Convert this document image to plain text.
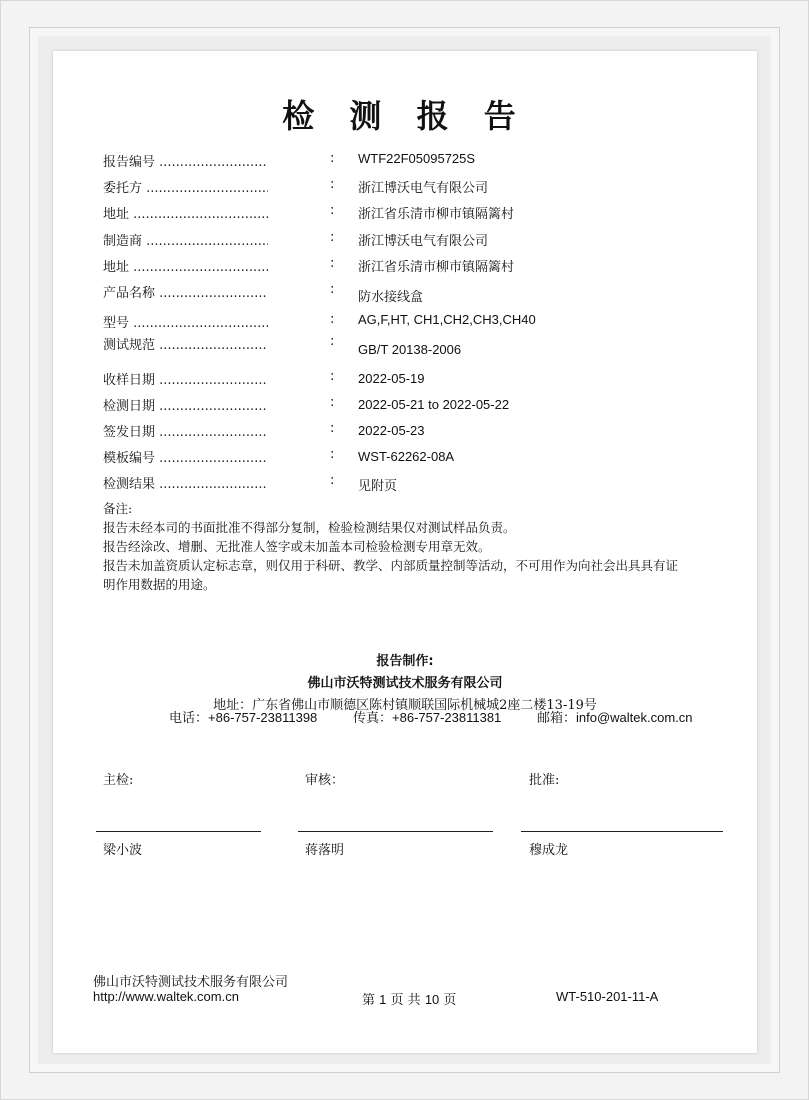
检 测 报 告
报告编号 .....	: WTF22F05095725S
委托方 .....	: 浙江博沃电气有限公司
地址 .....	: 浙江省乐清市柳市镇隔篱村
制造商 .....	: 浙江博沃电气有限公司
地址 .....	: 浙江省乐清市柳市镇隔篱村
产品名称 .....	:
防水接线盒
型号 .....	: AG,F,HT, CH1,CH2,CH3,CH40
测试规范 .....	:
GB/T 20138-2006
收样日期 .....	: 2022-05-19
检测日期 .....	: 2022-05-21 to 2022-05-22
签发日期 .....	: 2022-05-23
模板编号 .....	: WST-62262-08A
检测结果 .....	: 见附页
备注:
报告未经本司的书面批准不得部分复制，检验检测结果仅对测试样品负责。
报告经涂改、增删、无批准人签字或未加盖本司检验检测专用章无效。
报告未加盖资质认定标志章，则仅用于科研、教学、内部质量控制等活动，不可用作为向社会出具具有证
明作用数据的用途。
报告制作:
佛山市沃特测试技术服务有限公司
地址：广东省佛山市顺德区陈村镇顺联国际机械城2座二楼13-19号
电话：+86-757-23811398	传真：+86-757-23811381	邮箱：info@waltek.com.cn
主检:	审核：	批准:
梁小波	蒋落明	穆成龙
佛山市沃特测试技术服务有限公司
http://www.waltek.com.cn	第 1 页 共 10 页	WT-510-201-11-A
